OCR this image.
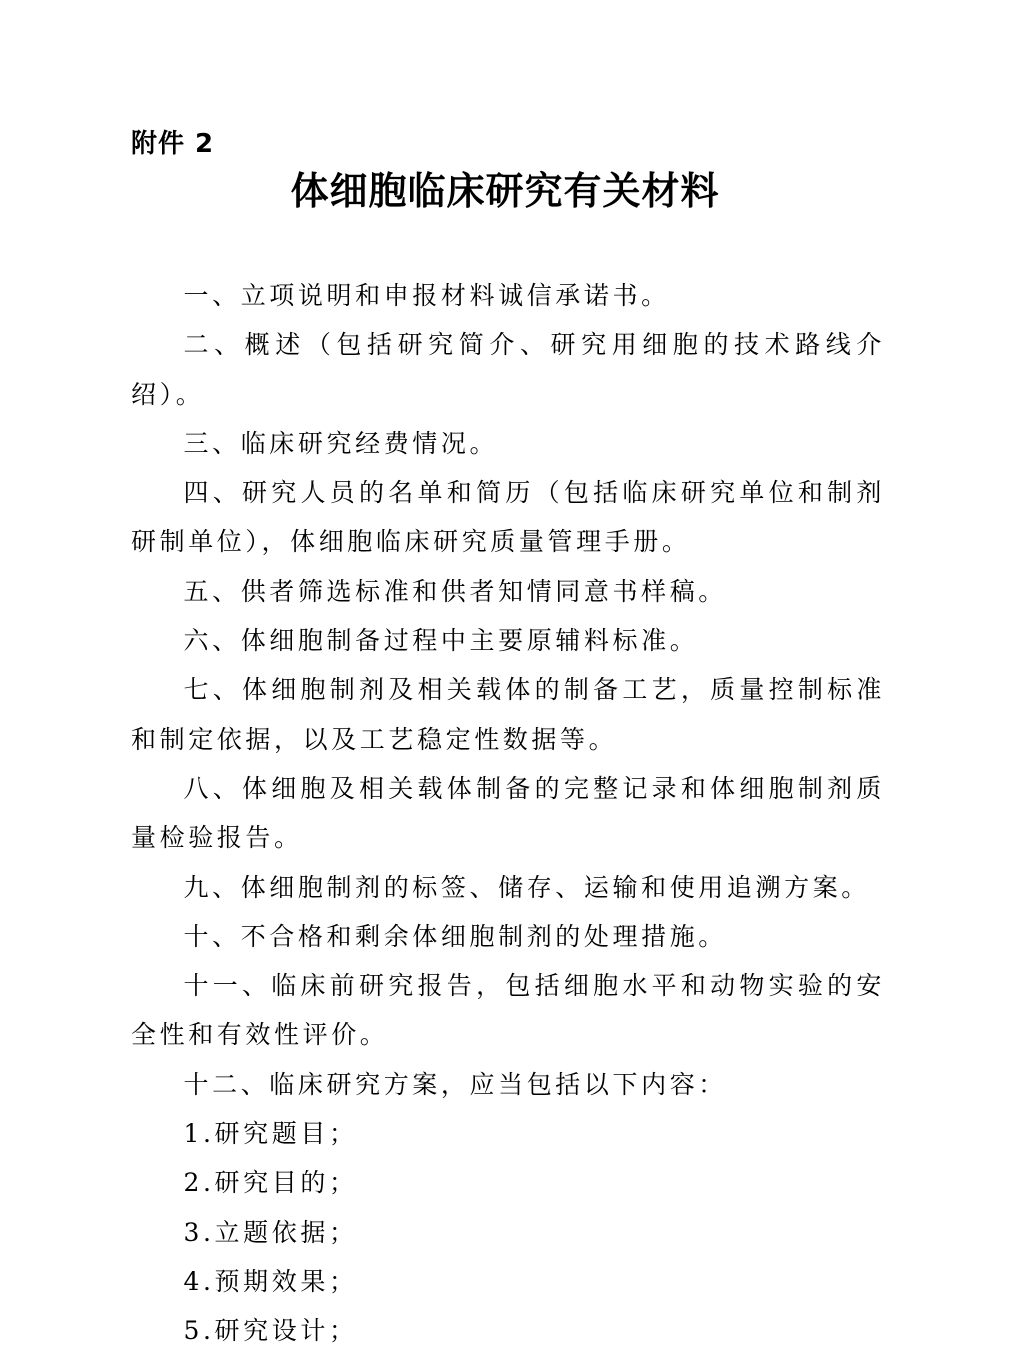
附件 2
体细胞临床研究有关材料

一、立项说明和申报材料诚信承诺书。

二、概述（包括研究简介、研究用细胞的技术路线介绍）。

三、临床研究经费情况。

四、研究人员的名单和简历（包括临床研究单位和制剂研制单位），体细胞临床研究质量管理手册。

五、供者筛选标准和供者知情同意书样稿。

六、体细胞制备过程中主要原辅料标准。

七、体细胞制剂及相关载体的制备工艺，质量控制标准和制定依据，以及工艺稳定性数据等。

八、体细胞及相关载体制备的完整记录和体细胞制剂质量检验报告。

九、体细胞制剂的标签、储存、运输和使用追溯方案。

十、不合格和剩余体细胞制剂的处理措施。

十一、临床前研究报告，包括细胞水平和动物实验的安全性和有效性评价。

十二、临床研究方案，应当包括以下内容：

1.研究题目；

2.研究目的；

3.立题依据；

4.预期效果；

5.研究设计；
